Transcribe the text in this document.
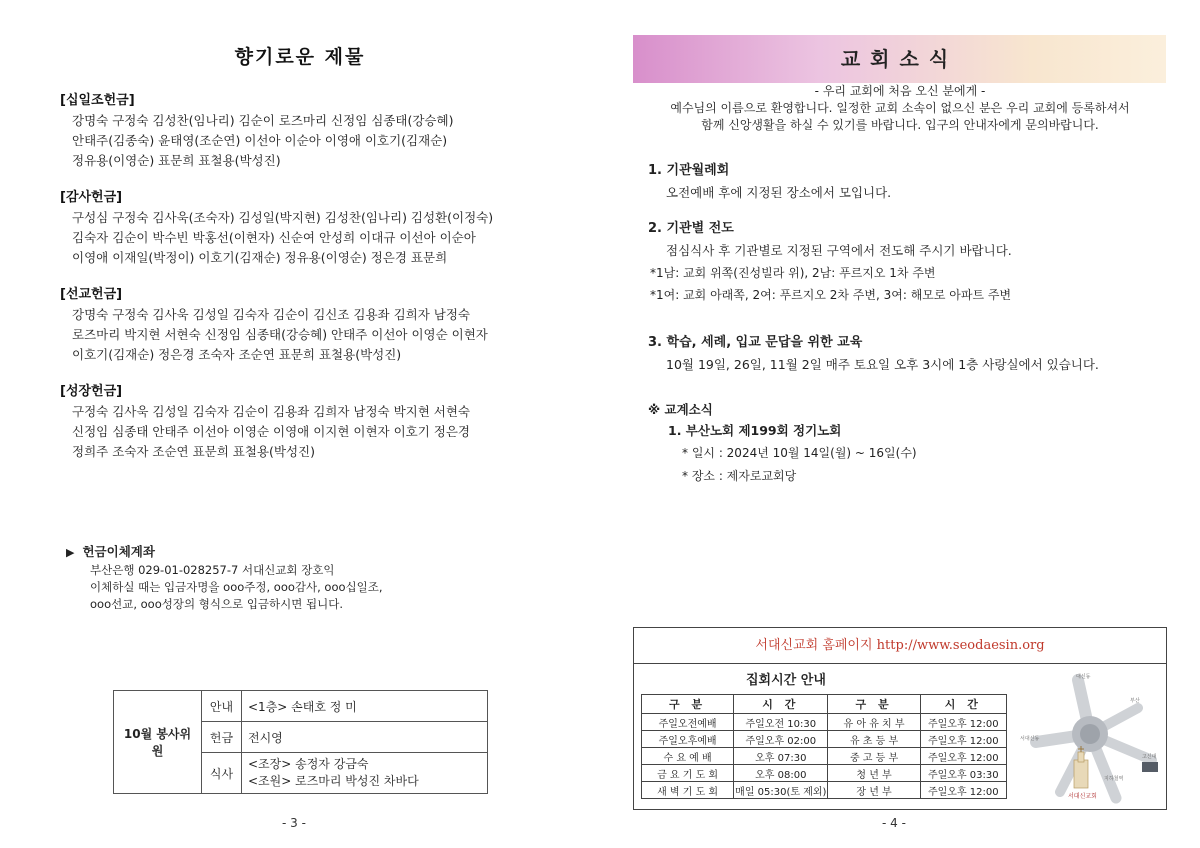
향기로운 제물
[십일조헌금]
강명숙 구정숙 김성찬(임나리) 김순이 로즈마리 신정임 심종태(강승혜)
안태주(김종숙) 윤태영(조순연) 이선아 이순아 이영애 이호기(김재순)
정유용(이영순) 표문희 표철용(박성진)
[감사헌금]
구성심 구정숙 김사욱(조숙자) 김성일(박지현) 김성찬(임나리) 김성환(이정숙)
김숙자 김순이 박수빈 박홍선(이현자) 신순여 안성희 이대규 이선아 이순아
이영애 이재일(박정이) 이호기(김재순) 정유용(이영순) 정은경 표문희
[선교헌금]
강명숙 구정숙 김사욱 김성일 김숙자 김순이 김신조 김용좌 김희자 남정숙
로즈마리 박지현 서현숙 신정임 심종태(강승혜) 안태주 이선아 이영순 이현자
이호기(김재순) 정은경 조숙자 조순연 표문희 표철용(박성진)
[성장헌금]
구정숙 김사욱 김성일 김숙자 김순이 김용좌 김희자 남정숙 박지현 서현숙
신정임 심종태 안태주 이선아 이영순 이영애 이지현 이현자 이호기 정은경
정희주 조숙자 조순연 표문희 표철용(박성진)
▶ 헌금이체계좌
부산은행 029-01-028257-7 서대신교회 장호익
이체하실 때는 입금자명을 ooo주정, ooo감사, ooo십일조,
ooo선교, ooo성장의 형식으로 입금하시면 됩니다.
10월 봉사위원	안내	<1층> 손태호 정 미
	헌금	전시영
	식사	<조장> 송정자 강금숙
<조원> 로즈마리 박성진 차바다
- 3 -
교회소식
- 우리 교회에 처음 오신 분에게 -
예수님의 이름으로 환영합니다. 일정한 교회 소속이 없으신 분은 우리 교회에 등록하셔서
함께 신앙생활을 하실 수 있기를 바랍니다. 입구의 안내자에게 문의바랍니다.
1. 기관월례회
오전예배 후에 지정된 장소에서 모입니다.
2. 기관별 전도
점심식사 후 기관별로 지정된 구역에서 전도해 주시기 바랍니다.
*1남: 교회 위쪽(진성빌라 위), 2남: 푸르지오 1차 주변
*1여: 교회 아래쪽, 2여: 푸르지오 2차 주변, 3여: 해모로 아파트 주변
3. 학습, 세례, 입교 문답을 위한 교육
10월 19일, 26일, 11월 2일 매주 토요일 오후 3시에 1층 사랑실에서 있습니다.
※ 교계소식
1. 부산노회 제199회 정기노회
* 일시 : 2024년 10월 14일(월) ~ 16일(수)
* 장소 : 제자로교회당
서대신교회 홈페이지 http://www.seodaesin.org
집회시간 안내
구 분	시 간	구 분	시 간
주일오전예배	주일오전 10:30	유 아 유 치 부	주일오후 12:00
주일오후예배	주일오후 02:00	유 초 등 부	주일오후 12:00
수 요 예 배	오후 07:30	중 고 등 부	주일오후 12:00
금 요 기 도 회	오후 08:00	청 년 부	주일오후 03:30
새 벽 기 도 회	매일 05:30(토 제외)	장 년 부	주일오후 12:00
대신동
서대신동
부산
고신대
지하철역
서대신교회
- 4 -
